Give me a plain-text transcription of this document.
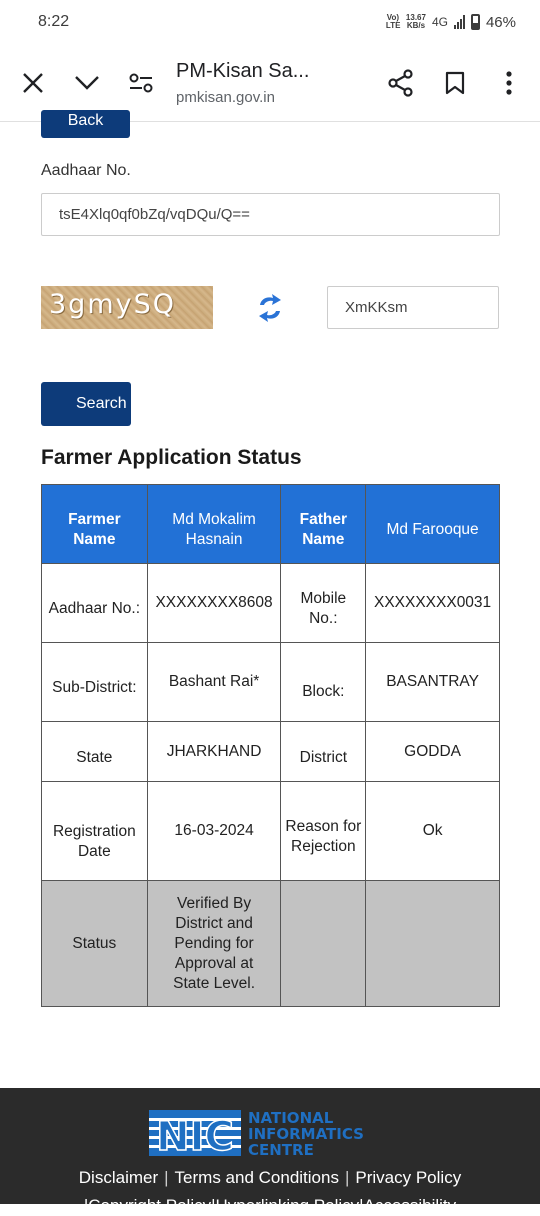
8:22	Vo) LTE
13.67
KB/s 4G	46%
PM-Kisan Sa...
pmkisan.gov.in
Back
Aadhaar No.
tsE4Xlq0qf0bZq/vqDQu/Q==
3gmySQ	XmKKsm
Search
Farmer Application Status
Farmer Name	Md Mokalim Hasnain	Father Name	Md Farooque
Aadhaar No.:	XXXXXXXX8608	Mobile No.:	XXXXXXXX0031
Sub-District:	Bashant Rai*	Block:	BASANTRAY
State	JHARKHAND	District	GODDA
Registration Date	16-03-2024	Reason for Rejection	Ok
Status	Verified By District and Pending for Approval at State Level.		
NIC NATIONAL
INFORMATICS
CENTRE
Disclaimer | Terms and Conditions | Privacy Policy
|Copyright Policy|Hyperlinking Policy|Accessibility
